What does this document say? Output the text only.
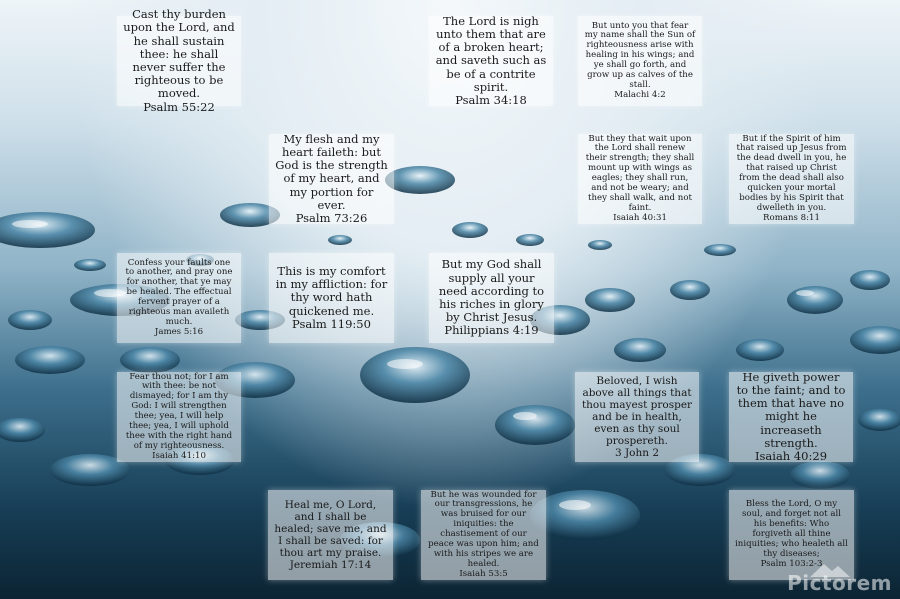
Cast thy burden upon the Lord, and he shall sustain thee: he shall never suffer the righteous to be moved.
Psalm 55:22
The Lord is nigh unto them that are of a broken heart; and saveth such as be of a contrite spirit.
Psalm 34:18
But unto you that fear my name shall the Sun of righteousness arise with healing in his wings; and ye shall go forth, and grow up as calves of the stall.
Malachi 4:2
My flesh and my heart faileth: but God is the strength of my heart, and my portion for ever.
Psalm 73:26
But they that wait upon the Lord shall renew their strength; they shall mount up with wings as eagles; they shall run, and not be weary; and they shall walk, and not faint.
Isaiah 40:31
But if the Spirit of him that raised up Jesus from the dead dwell in you, he that raised up Christ from the dead shall also quicken your mortal bodies by his Spirit that dwelleth in you.
Romans 8:11
Confess your faults one to another, and pray one for another, that ye may be healed. The effectual fervent prayer of a righteous man availeth much.
James 5:16
This is my comfort in my affliction: for thy word hath quickened me.
Psalm 119:50
But my God shall supply all your need according to his riches in glory by Christ Jesus.
Philippians 4:19
Fear thou not; for I am with thee: be not dismayed; for I am thy God: I will strengthen thee; yea, I will help thee; yea, I will uphold thee with the right hand of my righteousness.
Isaiah 41:10
Beloved, I wish above all things that thou mayest prosper and be in health, even as thy soul prospereth.
3 John 2
He giveth power to the faint; and to them that have no might he increaseth strength.
Isaiah 40:29
Heal me, O Lord, and I shall be healed; save me, and I shall be saved: for thou art my praise.
Jeremiah 17:14
But he was wounded for our transgressions, he was bruised for our iniquities: the chastisement of our peace was upon him; and with his stripes we are healed.
Isaiah 53:5
Bless the Lord, O my soul, and forget not all his benefits: Who forgiveth all thine iniquities; who healeth all thy diseases;
Psalm 103:2-3
Pictorem
